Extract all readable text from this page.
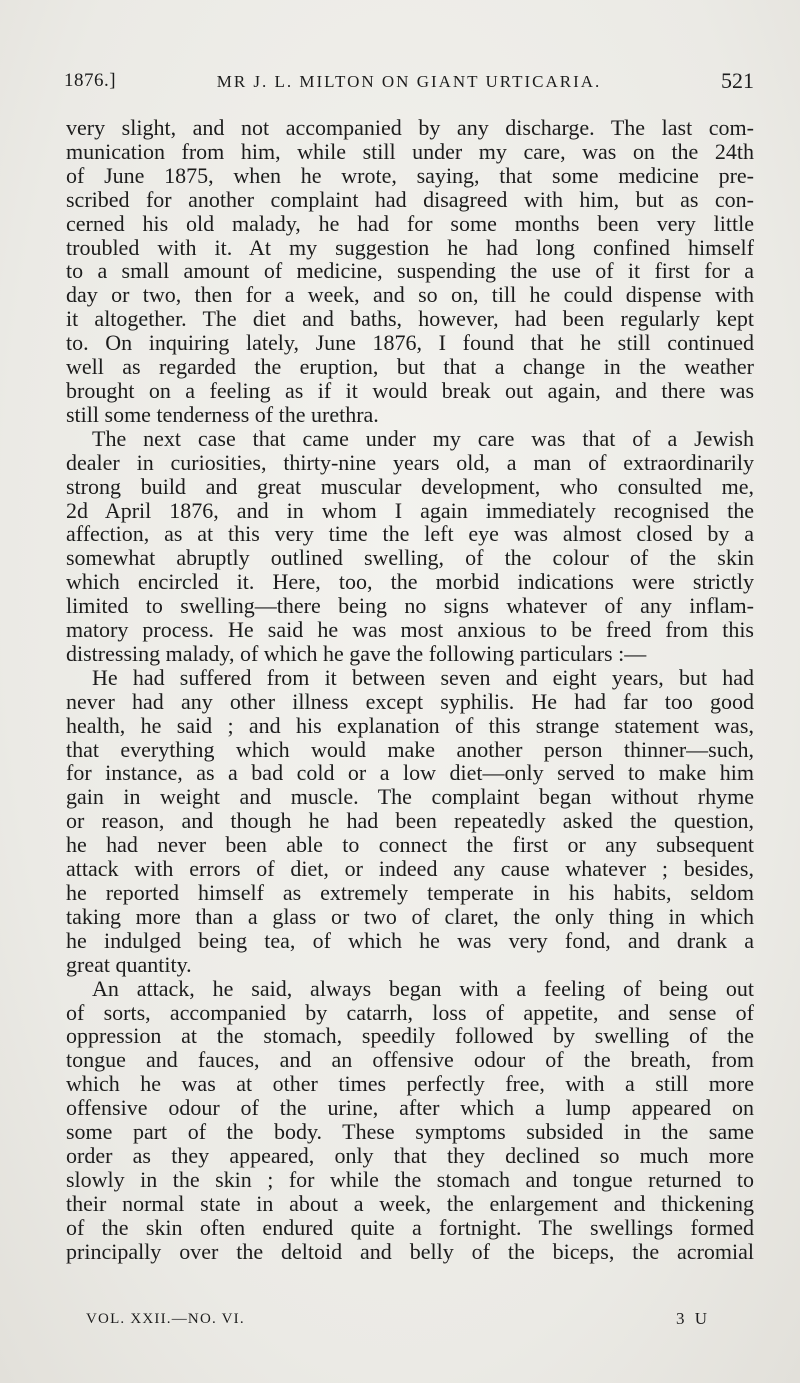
1876.]	MR J. L. MILTON ON GIANT URTICARIA.	521
very slight, and not accompanied by any discharge. The last com-
munication from him, while still under my care, was on the 24th
of June 1875, when he wrote, saying, that some medicine pre-
scribed for another complaint had disagreed with him, but as con-
cerned his old malady, he had for some months been very little
troubled with it. At my suggestion he had long confined himself
to a small amount of medicine, suspending the use of it first for a
day or two, then for a week, and so on, till he could dispense with
it altogether. The diet and baths, however, had been regularly kept
to. On inquiring lately, June 1876, I found that he still continued
well as regarded the eruption, but that a change in the weather
brought on a feeling as if it would break out again, and there was
still some tenderness of the urethra.
The next case that came under my care was that of a Jewish
dealer in curiosities, thirty-nine years old, a man of extraordinarily
strong build and great muscular development, who consulted me,
2d April 1876, and in whom I again immediately recognised the
affection, as at this very time the left eye was almost closed by a
somewhat abruptly outlined swelling, of the colour of the skin
which encircled it. Here, too, the morbid indications were strictly
limited to swelling—there being no signs whatever of any inflam-
matory process. He said he was most anxious to be freed from this
distressing malady, of which he gave the following particulars :—
He had suffered from it between seven and eight years, but had
never had any other illness except syphilis. He had far too good
health, he said ; and his explanation of this strange statement was,
that everything which would make another person thinner—such,
for instance, as a bad cold or a low diet—only served to make him
gain in weight and muscle. The complaint began without rhyme
or reason, and though he had been repeatedly asked the question,
he had never been able to connect the first or any subsequent
attack with errors of diet, or indeed any cause whatever ; besides,
he reported himself as extremely temperate in his habits, seldom
taking more than a glass or two of claret, the only thing in which
he indulged being tea, of which he was very fond, and drank a
great quantity.
An attack, he said, always began with a feeling of being out
of sorts, accompanied by catarrh, loss of appetite, and sense of
oppression at the stomach, speedily followed by swelling of the
tongue and fauces, and an offensive odour of the breath, from
which he was at other times perfectly free, with a still more
offensive odour of the urine, after which a lump appeared on
some part of the body. These symptoms subsided in the same
order as they appeared, only that they declined so much more
slowly in the skin ; for while the stomach and tongue returned to
their normal state in about a week, the enlargement and thickening
of the skin often endured quite a fortnight. The swellings formed
principally over the deltoid and belly of the biceps, the acromial
VOL. XXII.—NO. VI.	3 U
